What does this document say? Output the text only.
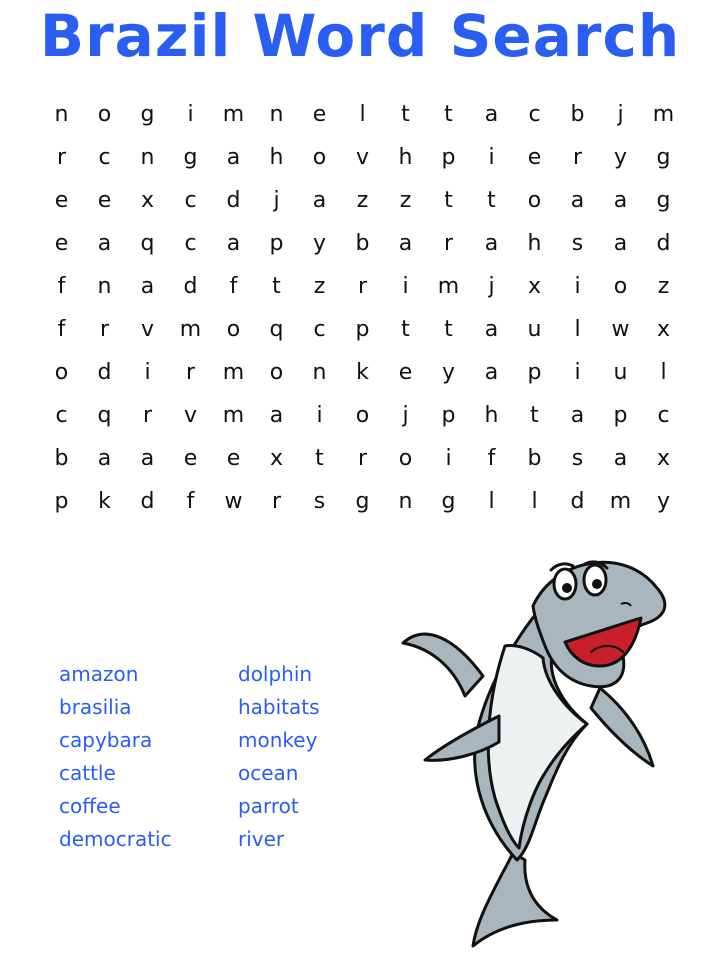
Brazil Word Search
n	o	g	i	m	n	e	l	t	t	a	c	b	j	m
r	c	n	g	a	h	o	v	h	p	i	e	r	y	g
e	e	x	c	d	j	a	z	z	t	t	o	a	a	g
e	a	q	c	a	p	y	b	a	r	a	h	s	a	d
f	n	a	d	f	t	z	r	i	m	j	x	i	o	z
f	r	v	m	o	q	c	p	t	t	a	u	l	w	x
o	d	i	r	m	o	n	k	e	y	a	p	i	u	l
c	q	r	v	m	a	i	o	j	p	h	t	a	p	c
b	a	a	e	e	x	t	r	o	i	f	b	s	a	x
p	k	d	f	w	r	s	g	n	g	l	l	d	m	y
amazon
brasilia
capybara
cattle
coffee
democratic
dolphin
habitats
monkey
ocean
parrot
river
